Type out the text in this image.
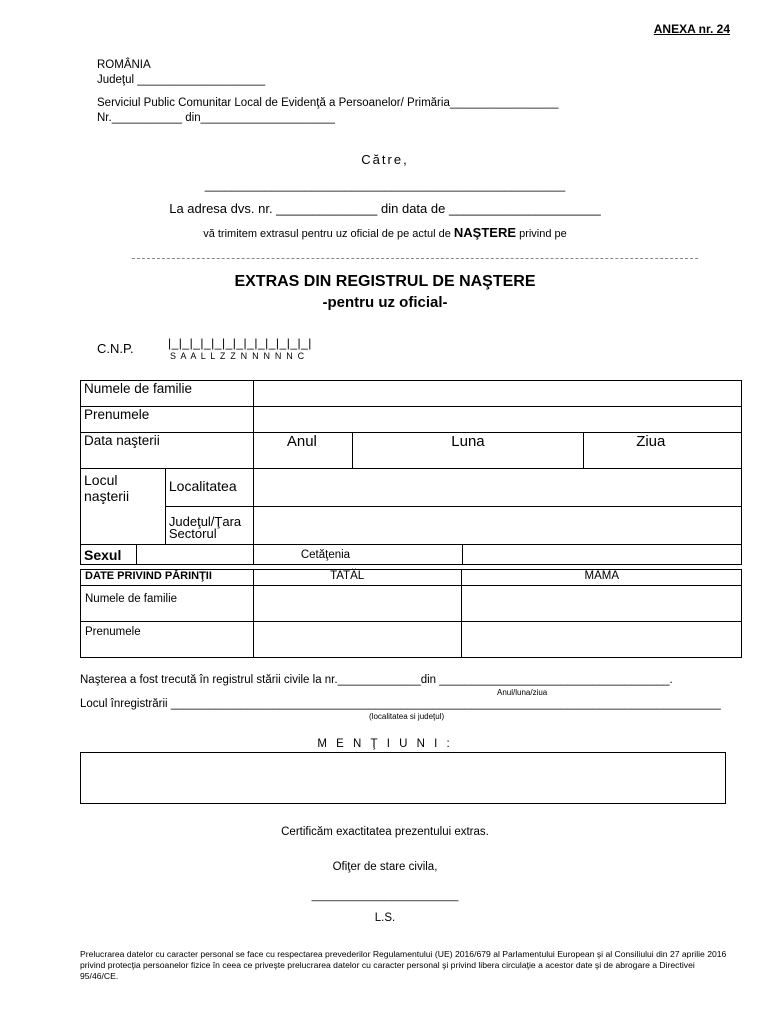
ANEXA nr. 24
ROMÂNIA
Judeţul ____________________
Serviciul Public Comunitar Local de Evidenţă a Persoanelor/ Primăria_________________
Nr.___________ din_____________________
Către,
______________________________________________________
La adresa dvs. nr. ______________ din data de _____________________
vă trimitem extrasul pentru uz oficial de pe actul de NAŞTERE privind pe
EXTRAS DIN REGISTRUL DE NAŞTERE
-pentru uz oficial-
C.N.P.	|_|_|_|_|_|_|_|_|_|_|_|_|_|
S A A L L Z Z N N N N N C
Numele de familie						
Prenumele						
Data naşterii			Anul	Luna		Ziua
Locul
naşterii		Localitatea				
		Judeţul/Ţara
Sectorul				
Sexul			Cetăţenia			
DATE PRIVIND PĂRINŢII	TATĂL	MAMA
Numele de familie		
Prenumele		
Naşterea a fost trecută în registrul stării civile la nr._____________din ____________________________________.
Anul/luna/ziua
Locul înregistrării ______________________________________________________________________________________
(localitatea si judeţul)
M E N Ţ I U N I :
Certificăm exactitatea prezentului extras.
Ofiţer de stare civila,
________________________
L.S.
Prelucrarea datelor cu caracter personal se face cu respectarea prevederilor Regulamentului (UE) 2016/679 al Parlamentului European şi al Consiliului din 27 aprilie 2016 privind protecţia persoanelor fizice în ceea ce priveşte prelucrarea datelor cu caracter personal şi privind libera circulaţie a acestor date şi de abrogare a Directivei 95/46/CE.
